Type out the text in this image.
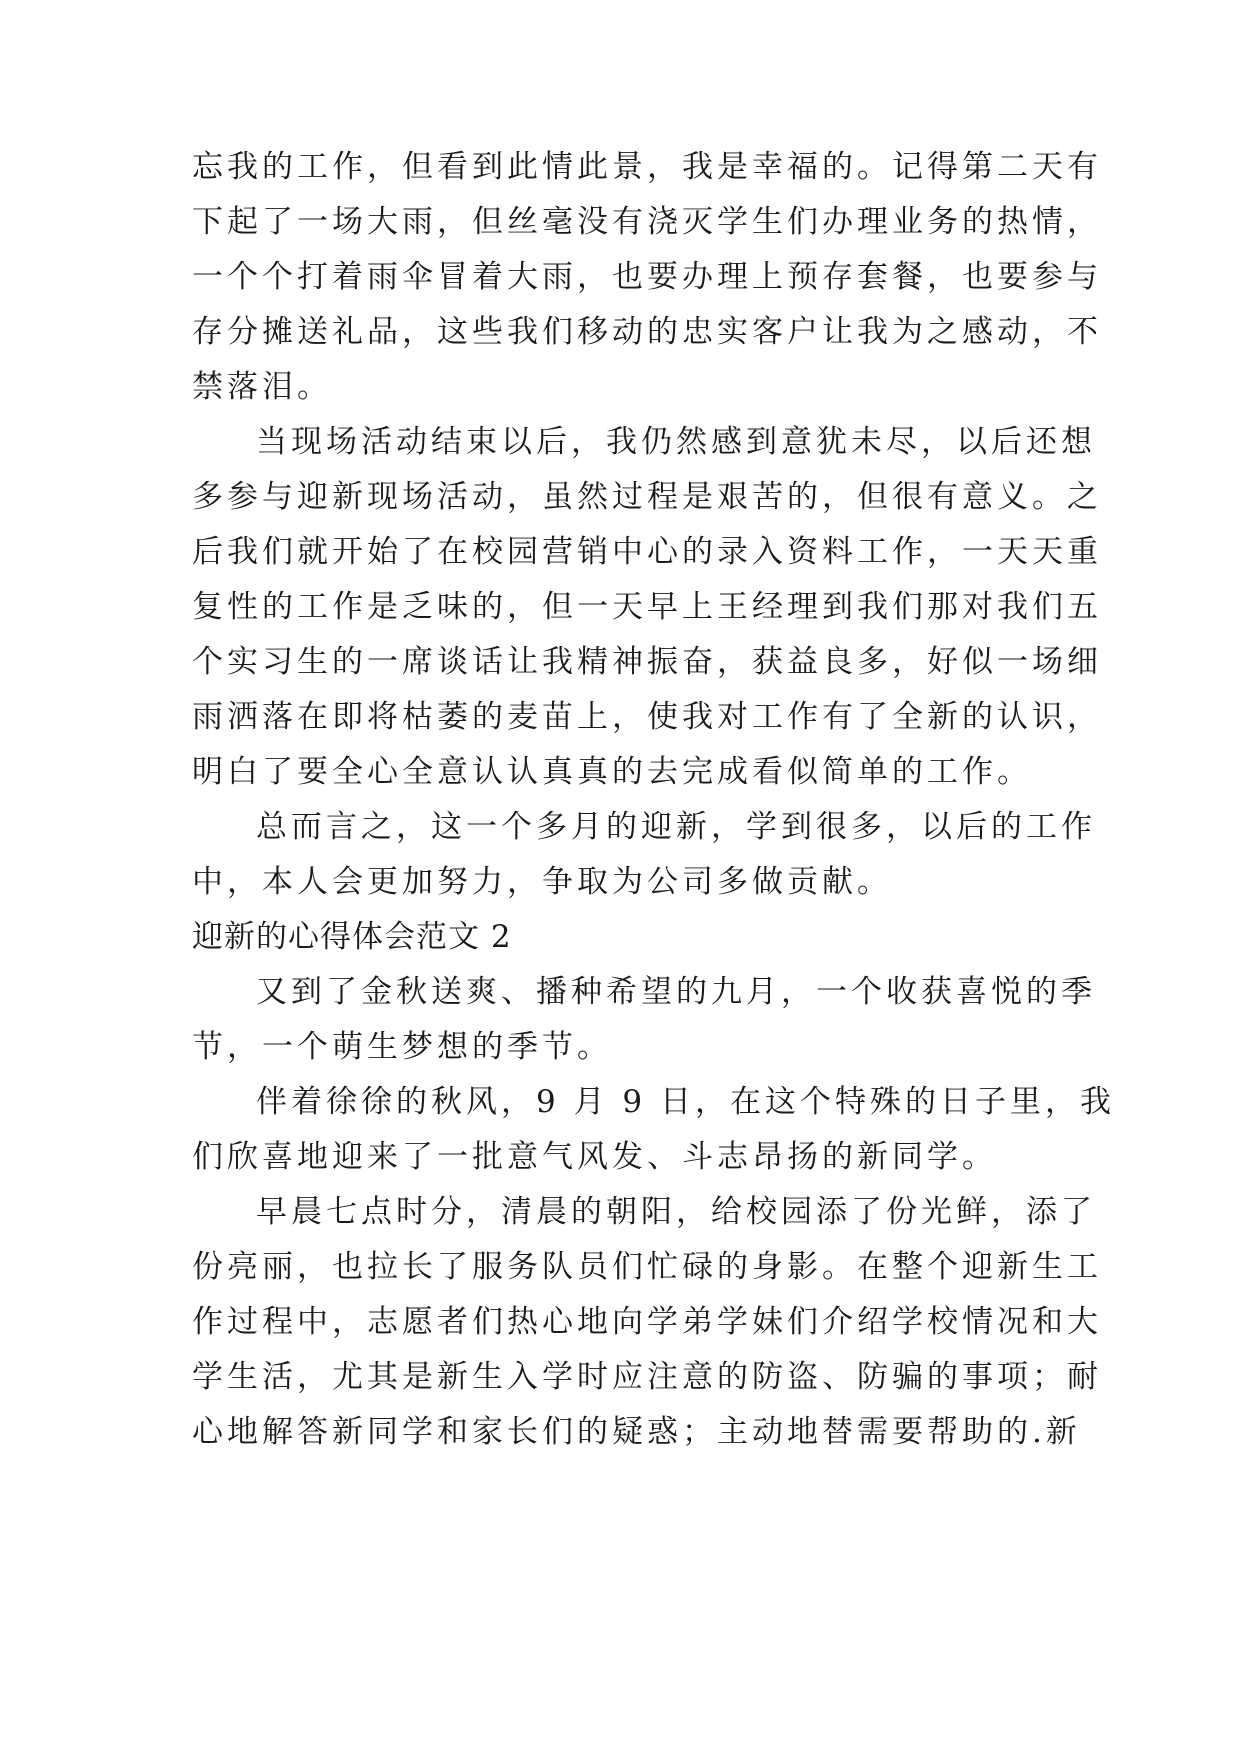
忘我的工作，但看到此情此景，我是幸福的。记得第二天有
下起了一场大雨，但丝毫没有浇灭学生们办理业务的热情，
一个个打着雨伞冒着大雨，也要办理上预存套餐，也要参与
存分摊送礼品，这些我们移动的忠实客户让我为之感动，不
禁落泪。
当现场活动结束以后，我仍然感到意犹未尽，以后还想
多参与迎新现场活动，虽然过程是艰苦的，但很有意义。之
后我们就开始了在校园营销中心的录入资料工作，一天天重
复性的工作是乏味的，但一天早上王经理到我们那对我们五
个实习生的一席谈话让我精神振奋，获益良多，好似一场细
雨洒落在即将枯萎的麦苗上，使我对工作有了全新的认识，
明白了要全心全意认认真真的去完成看似简单的工作。
总而言之，这一个多月的迎新，学到很多，以后的工作
中，本人会更加努力，争取为公司多做贡献。
迎新的心得体会范文 2
又到了金秋送爽、播种希望的九月，一个收获喜悦的季
节，一个萌生梦想的季节。
伴着徐徐的秋风，9 月 9 日，在这个特殊的日子里，我
们欣喜地迎来了一批意气风发、斗志昂扬的新同学。
早晨七点时分，清晨的朝阳，给校园添了份光鲜，添了
份亮丽，也拉长了服务队员们忙碌的身影。在整个迎新生工
作过程中，志愿者们热心地向学弟学妹们介绍学校情况和大
学生活，尤其是新生入学时应注意的防盗、防骗的事项；耐
心地解答新同学和家长们的疑惑；主动地替需要帮助的.新
